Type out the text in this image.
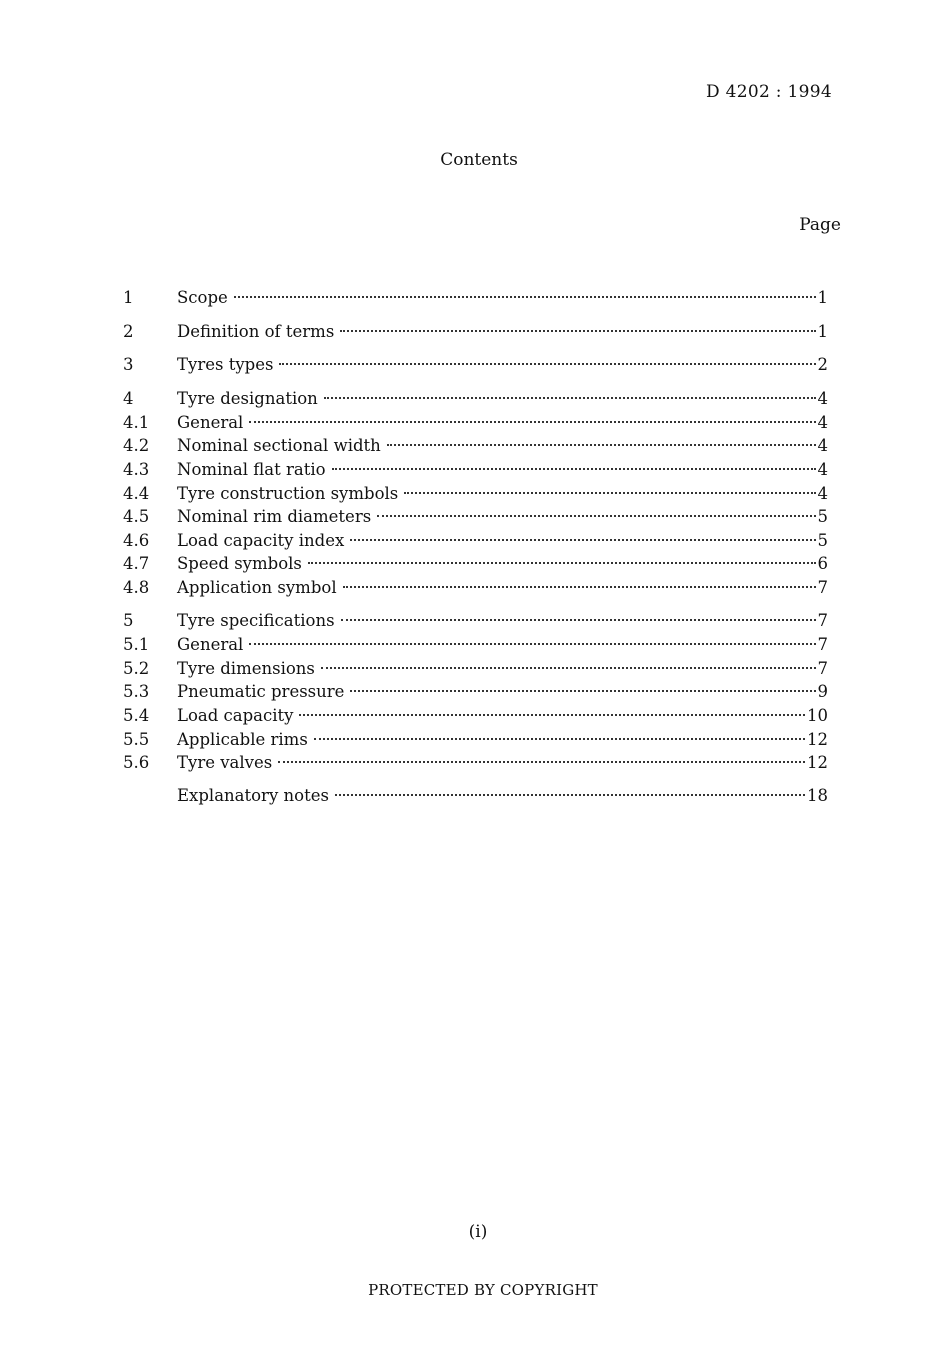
D 4202 : 1994
Contents
Page
1	Scope	1
2	Definition of terms	1
3	Tyres types	2
4	Tyre designation	4
4.1	General	4
4.2	Nominal sectional width	4
4.3	Nominal flat ratio	4
4.4	Tyre construction symbols	4
4.5	Nominal rim diameters	5
4.6	Load capacity index	5
4.7	Speed symbols	6
4.8	Application symbol	7
5	Tyre specifications	7
5.1	General	7
5.2	Tyre dimensions	7
5.3	Pneumatic pressure	9
5.4	Load capacity	10
5.5	Applicable rims	12
5.6	Tyre valves	12
Explanatory notes	18
(i)
PROTECTED BY COPYRIGHT
